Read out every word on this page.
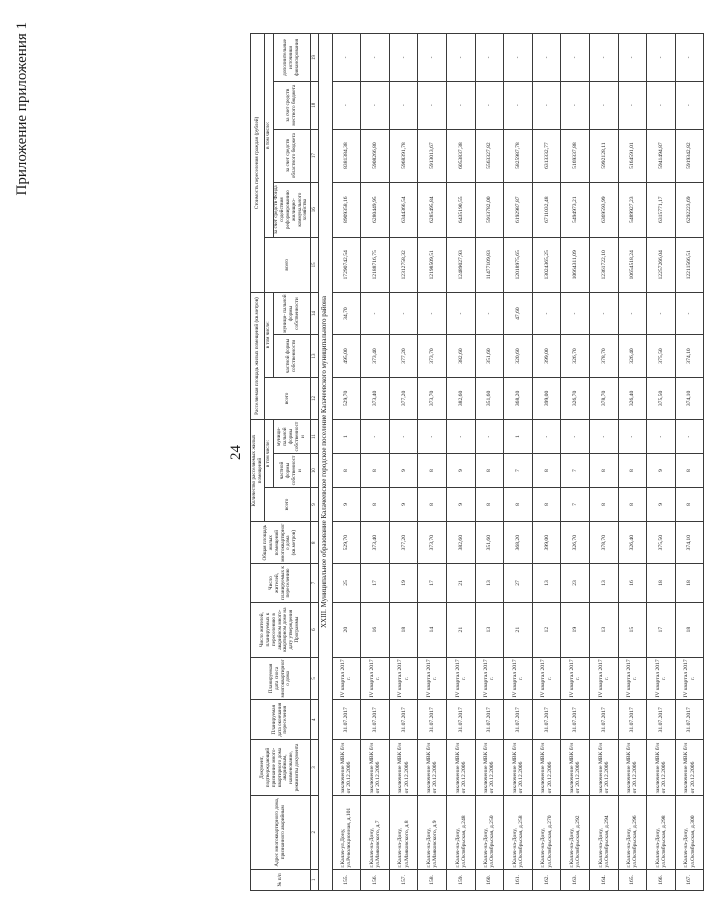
Приложение приложения 1
24
№ п/п	Адрес многоквартирного дома, признанного аварийным	Документ, подтверждающий признание много- квартирного дома аварийным, наименование, реквизиты документа	Планируемая дата окончания переселения	Планируемая дата сноса многоквартирного дома	Число жителей, планируемых к переселению в аварийном много- квартирном доме на дату утверждения Программы	Число жителей, планируемых к переселению	Общая площадь жилых помещений многоквартирного дома (кв.метров)	Количество расселяемых жилых помещений			Расселяемая площадь жилых помещений (кв.метров)			Стоимость переселения граждан (рублей)				
								всего	в том числе:		всего	в том числе:		всего	в том числе:			
									частной формы собственности	муници- пальной формы собственности		частной формы собственности	муници- пальной формы собственности		за счет средств Фонда содействия реформированию жилищно- коммунального хозяйства	за счет средств областного бюджета	за счет средств местного бюджета	дополнительные источники финансирования
1	2	3	4	5	6	7	8	9	10	11	12	13	14	15	16	17	18	19
XXIII. Муниципальное образование Калачеевское городское поселение Калачеевского муниципального района																		
155.	г.Калач-ул.Дону, ул.Революционная, д.101	заключение МВК б/н от 20.12.2006	31.07.2017	IV квартал 2017 г.	20	25	529,70	9	8	1	529,70	495,00	34,70	17290742,54	8909358,16	8381384,38	-	-
156.	г.Калач-на-Дону, ул.Маяковского, д.7	заключение МВК б/н от 20.12.2006	31.07.2017	IV квартал 2017 г.	16	17	373,40	8	8	-	373,40	373,40	-	12188716,75	6280449,95	5908266,80	-	-
157.	г.Калач-на-Дону, ул.Маяковского, д.8	заключение МВК б/н от 20.12.2006	31.07.2017	IV квартал 2017 г.	18	19	377,20	9	9	-	377,20	377,20	-	12312758,32	6344366,54	5968391,78	-	-
158.	г.Калач-на-Дону, ул.Маяковского, д.9	заключение МВК б/н от 20.12.2006	31.07.2017	IV квартал 2017 г.	14	17	373,70	8	8	-	373,70	373,70	-	12198509,51	6285495,84	5913013,67	-	-
159.	г.Калач-на-Дону, ул.Октябрьская, д.248	заключение МВК б/н от 20.12.2006	31.07.2017	IV квартал 2017 г.	21	21	382,60	9	9	-	382,60	382,60	-	12489027,93	6435190,55	6053837,38	-	-
160.	г.Калач-на-Дону, ул.Октябрьская, д.250	заключение МВК б/н от 20.12.2006	31.07.2017	IV квартал 2017 г.	13	13	351,60	8	8	-	351,60	351,60	-	11477109,83	5913782,00	5563327,82	-	-
161.	г.Калач-на-Дону, ул.Октябрьская, д.258	заключение МВК б/н от 20.12.2006	31.07.2017	IV квартал 2017 г.	21	27	368,20	8	7	1	368,20	320,60	47,60	12018975,65	6192987,87	5825987,78	-	-
162.	г.Калач-на-Дону, ул.Октябрьская, д.270	заключение МВК б/н от 20.12.2006	31.07.2017	IV квартал 2017 г.	12	13	399,00	8	8	-	399,00	399,00	-	13024365,25	6711032,48	6313332,77	-	-
163.	г.Калач-на-Дону, ул.Октябрьская, д.292	заключение МВК б/н от 20.12.2006	31.07.2017	IV квартал 2017 г.	19	23	326,70	7	7	-	326,70	326,70	-	10664311,09	5494973,21	5169337,88	-	-
164.	г.Калач-на-Дону, ул.Октябрьская, д.294	заключение МВК б/н от 20.12.2006	31.07.2017	IV квартал 2017 г.	13	13	378,70	8	8	-	378,70	378,70	-	12361722,10	6369593,99	5992128,11	-	-
165.	г.Калач-на-Дону, ул.Октябрьская, д.296	заключение МВК б/н от 20.12.2006	31.07.2017	IV квартал 2017 г.	15	16	326,40	8	8	-	326,40	326,40	-	10654518,24	5489927,23	5164591,01	-	-
166.	г.Калач-на-Дону, ул.Октябрьская, д.298	заключение МВК б/н от 20.12.2006	31.07.2017	IV квартал 2017 г.	17	18	375,50	9	9	-	375,50	375,50	-	12257266,04	6315771,17	5941494,87	-	-
167.	г.Калач-на-Дону, ул.Октябрьская, д.300	заключение МВК б/н от 20.12.2006	31.07.2017	IV квартал 2017 г.	18	18	374,10	8	8	-	374,10	374,10	-	12211566,51	6292223,69	5919342,82	-	-
